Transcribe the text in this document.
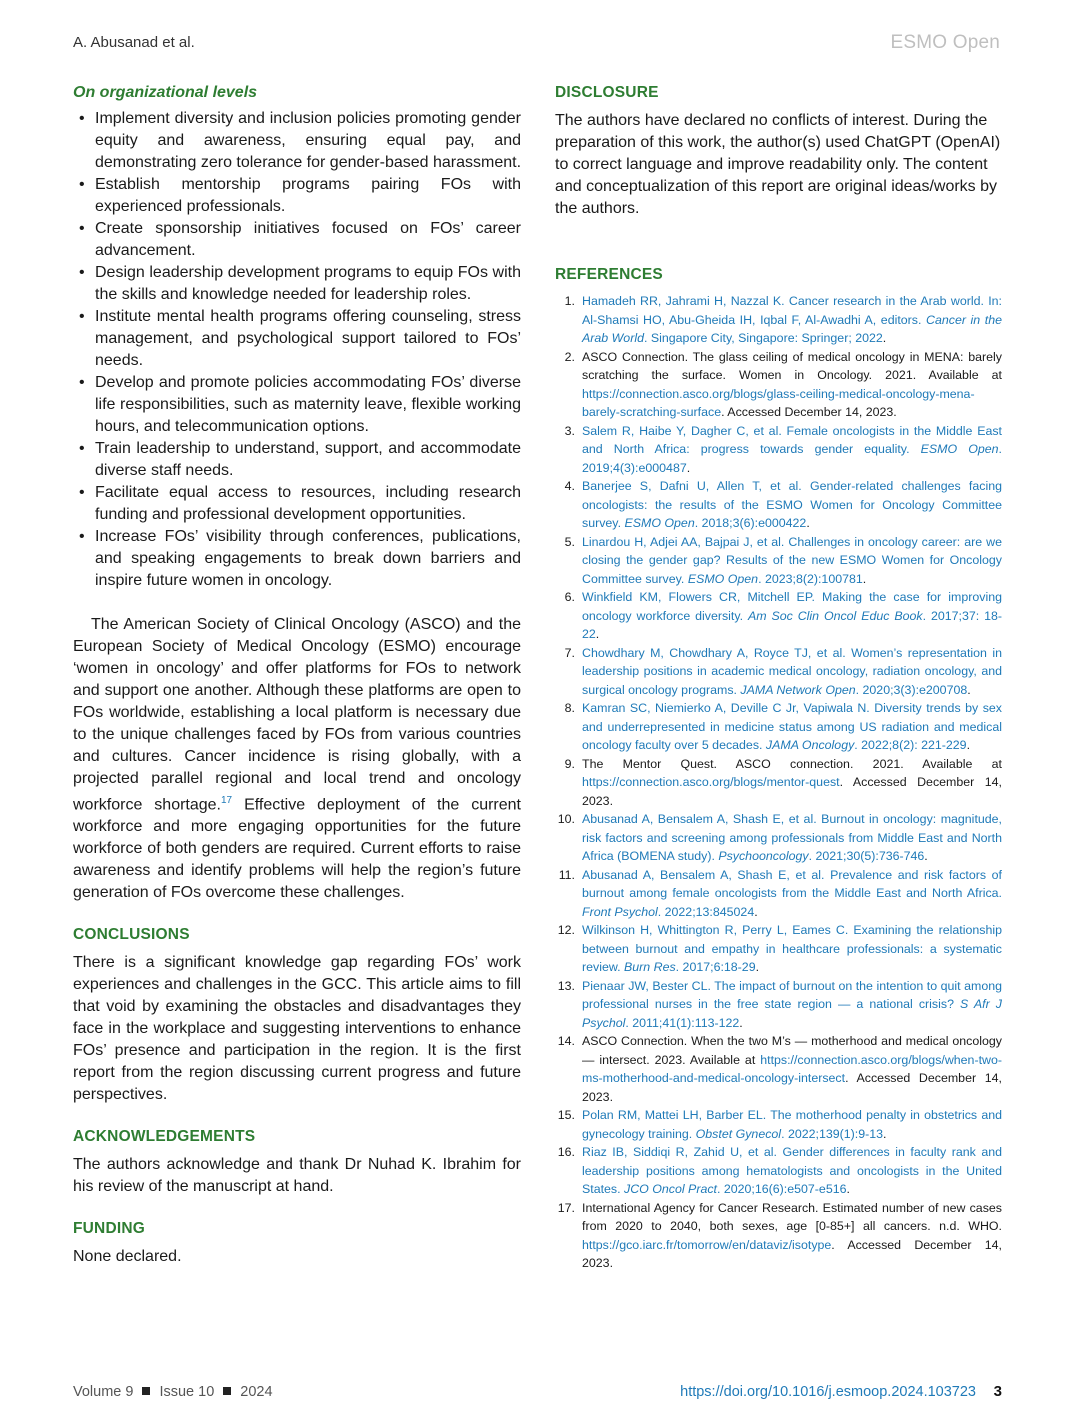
A. Abusanad et al.	ESMO Open
On organizational levels
• Implement diversity and inclusion policies promoting gender equity and awareness, ensuring equal pay, and demonstrating zero tolerance for gender-based harassment.
• Establish mentorship programs pairing FOs with experienced professionals.
• Create sponsorship initiatives focused on FOs’ career advancement.
• Design leadership development programs to equip FOs with the skills and knowledge needed for leadership roles.
• Institute mental health programs offering counseling, stress management, and psychological support tailored to FOs’ needs.
• Develop and promote policies accommodating FOs’ diverse life responsibilities, such as maternity leave, flexible working hours, and telecommunication options.
• Train leadership to understand, support, and accommodate diverse staff needs.
• Facilitate equal access to resources, including research funding and professional development opportunities.
• Increase FOs’ visibility through conferences, publications, and speaking engagements to break down barriers and inspire future women in oncology.

The American Society of Clinical Oncology (ASCO) and the European Society of Medical Oncology (ESMO) encourage ‘women in oncology’ and offer platforms for FOs to network and support one another. Although these platforms are open to FOs worldwide, establishing a local platform is necessary due to the unique challenges faced by FOs from various countries and cultures. Cancer incidence is rising globally, with a projected parallel regional and local trend and oncology workforce shortage.$^{17}$ Effective deployment of the current workforce and more engaging opportunities for the future workforce of both genders are required. Current efforts to raise awareness and identify problems will help the region’s future generation of FOs overcome these challenges.

CONCLUSIONS

There is a significant knowledge gap regarding FOs’ work experiences and challenges in the GCC. This article aims to fill that void by examining the obstacles and disadvantages they face in the workplace and suggesting interventions to enhance FOs’ presence and participation in the region. It is the first report from the region discussing current progress and future perspectives.

ACKNOWLEDGEMENTS

The authors acknowledge and thank Dr Nuhad K. Ibrahim for his review of the manuscript at hand.

FUNDING

None declared.

DISCLOSURE

The authors have declared no conflicts of interest. During the preparation of this work, the author(s) used ChatGPT (OpenAI) to correct language and improve readability only. The content and conceptualization of this report are original ideas/works by the authors.

REFERENCES
1. Hamadeh RR, Jahrami H, Nazzal K. Cancer research in the Arab world. In: Al-Shamsi HO, Abu-Gheida IH, Iqbal F, Al-Awadhi A, editors. Cancer in the Arab World. Singapore City, Singapore: Springer; 2022.
2. ASCO Connection. The glass ceiling of medical oncology in MENA: barely scratching the surface. Women in Oncology. 2021. Available at https://connection.asco.org/blogs/glass-ceiling-medical-oncology-mena-barely-scratching-surface. Accessed December 14, 2023.
3. Salem R, Haibe Y, Dagher C, et al. Female oncologists in the Middle East and North Africa: progress towards gender equality. ESMO Open. 2019;4(3):e000487.
4. Banerjee S, Dafni U, Allen T, et al. Gender-related challenges facing oncologists: the results of the ESMO Women for Oncology Committee survey. ESMO Open. 2018;3(6):e000422.
5. Linardou H, Adjei AA, Bajpai J, et al. Challenges in oncology career: are we closing the gender gap? Results of the new ESMO Women for Oncology Committee survey. ESMO Open. 2023;8(2):100781.
6. Winkfield KM, Flowers CR, Mitchell EP. Making the case for improving oncology workforce diversity. Am Soc Clin Oncol Educ Book. 2017;37: 18-22.
7. Chowdhary M, Chowdhary A, Royce TJ, et al. Women’s representation in leadership positions in academic medical oncology, radiation oncology, and surgical oncology programs. JAMA Network Open. 2020;3(3):e200708.
8. Kamran SC, Niemierko A, Deville C Jr, Vapiwala N. Diversity trends by sex and underrepresented in medicine status among US radiation and medical oncology faculty over 5 decades. JAMA Oncology. 2022;8(2): 221-229.
9. The Mentor Quest. ASCO connection. 2021. Available at https://connection.asco.org/blogs/mentor-quest. Accessed December 14, 2023.
10. Abusanad A, Bensalem A, Shash E, et al. Burnout in oncology: magnitude, risk factors and screening among professionals from Middle East and North Africa (BOMENA study). Psychooncology. 2021;30(5):736-746.
11. Abusanad A, Bensalem A, Shash E, et al. Prevalence and risk factors of burnout among female oncologists from the Middle East and North Africa. Front Psychol. 2022;13:845024.
12. Wilkinson H, Whittington R, Perry L, Eames C. Examining the relationship between burnout and empathy in healthcare professionals: a systematic review. Burn Res. 2017;6:18-29.
13. Pienaar JW, Bester CL. The impact of burnout on the intention to quit among professional nurses in the free state region — a national crisis? S Afr J Psychol. 2011;41(1):113-122.
14. ASCO Connection. When the two M’s — motherhood and medical oncology — intersect. 2023. Available at https://connection.asco.org/blogs/when-two-ms-motherhood-and-medical-oncology-intersect. Accessed December 14, 2023.
15. Polan RM, Mattei LH, Barber EL. The motherhood penalty in obstetrics and gynecology training. Obstet Gynecol. 2022;139(1):9-13.
16. Riaz IB, Siddiqi R, Zahid U, et al. Gender differences in faculty rank and leadership positions among hematologists and oncologists in the United States. JCO Oncol Pract. 2020;16(6):e507-e516.
17. International Agency for Cancer Research. Estimated number of new cases from 2020 to 2040, both sexes, age [0-85+] all cancers. n.d. WHO. https://gco.iarc.fr/tomorrow/en/dataviz/isotype. Accessed December 14, 2023.
Volume 9 Issue 10 2024	https://doi.org/10.1016/j.esmoop.2024.103723 3
